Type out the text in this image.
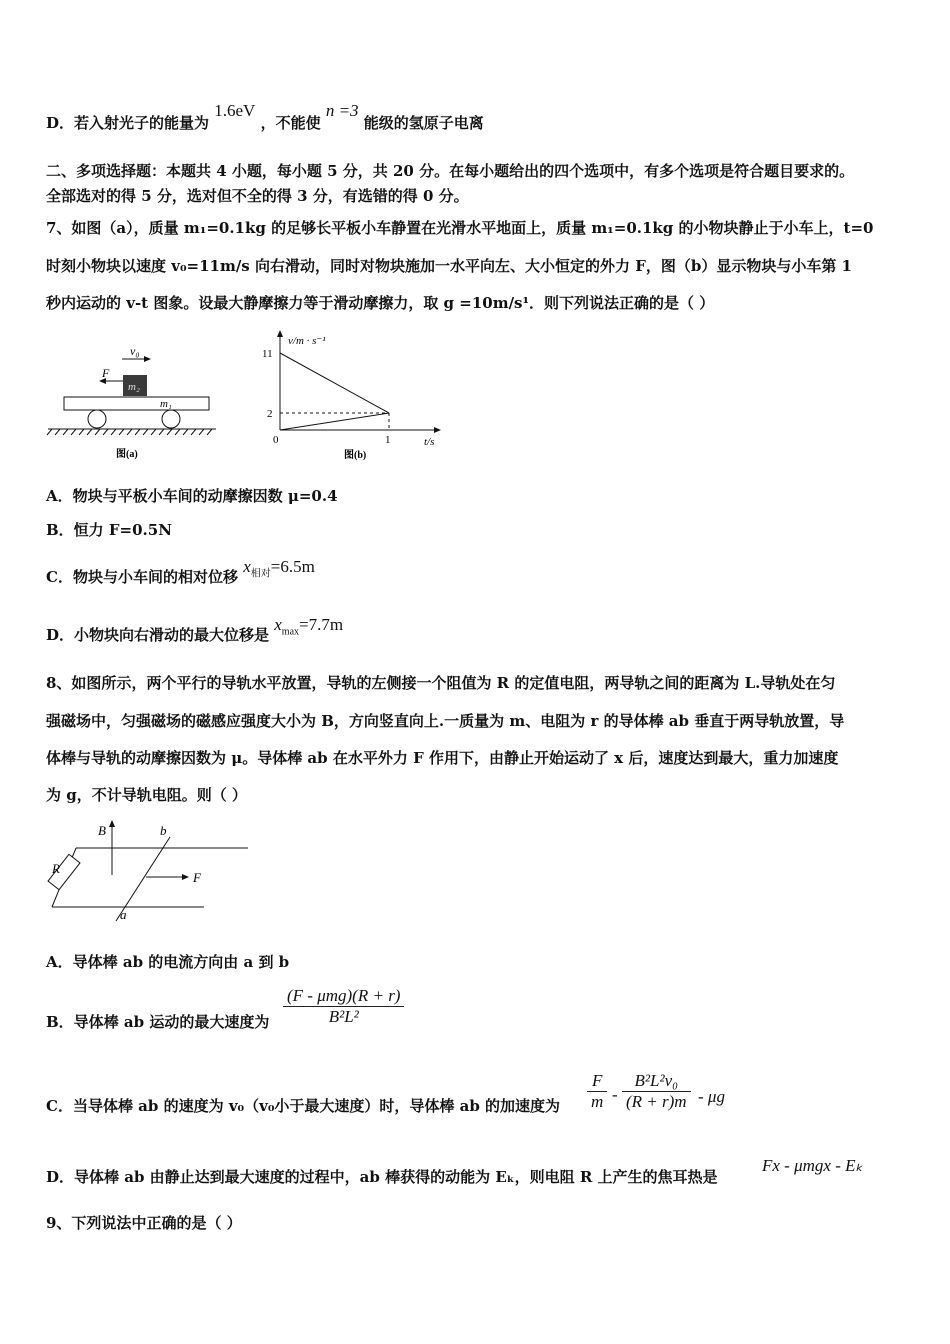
D．若入射光子的能量为 1.6eV ，不能使 n =3 能级的氢原子电离
二、多项选择题：本题共 4 小题，每小题 5 分，共 20 分。在每小题给出的四个选项中，有多个选项是符合题目要求的。
全部选对的得 5 分，选对但不全的得 3 分，有选错的得 0 分。
7、如图（a），质量 m₁=0.1kg 的足够长平板小车静置在光滑水平地面上，质量 m₁=0.1kg 的小物块静止于小车上，t=0
时刻小物块以速度 v₀=11m/s 向右滑动，同时对物块施加一水平向左、大小恒定的外力 F，图（b）显示物块与小车第 1
秒内运动的 v-t 图象。设最大静摩擦力等于滑动摩擦力，取 g =10m/s¹．则下列说法正确的是（ ）
v₀
F
m₂
m₁
图(a)
v/m · s⁻¹
t/s
11
2
0	1
图(b)
A．物块与平板小车间的动摩擦因数 μ=0.4
B．恒力 F=0.5N
C．物块与小车间的相对位移 $x_{相对}=6.5m$
D．小物块向右滑动的最大位移是 $x_{max}=7.7m$
8、如图所示，两个平行的导轨水平放置，导轨的左侧接一个阻值为 R 的定值电阻，两导轨之间的距离为 L.导轨处在匀
强磁场中，匀强磁场的磁感应强度大小为 B，方向竖直向上.一质量为 m、电阻为 r 的导体棒 ab 垂直于两导轨放置，导
体棒与导轨的动摩擦因数为 μ。导体棒 ab 在水平外力 F 作用下，由静止开始运动了 x 后，速度达到最大，重力加速度
为 g，不计导轨电阻。则（ ）
R
B	b
a
F
A．导体棒 ab 的电流方向由 a 到 b
B．导体棒 ab 运动的最大速度为
(F - μmg)(R + r)
B²L²
C．当导体棒 ab 的速度为 v₀（v₀小于最大速度）时，导体棒 ab 的加速度为
F
m -
B²L²v₀
(R + r)m - μg
D．导体棒 ab 由静止达到最大速度的过程中，ab 棒获得的动能为 Eₖ，则电阻 R 上产生的焦耳热是
Fx - μmgx - Eₖ
9、下列说法中正确的是（ ）
